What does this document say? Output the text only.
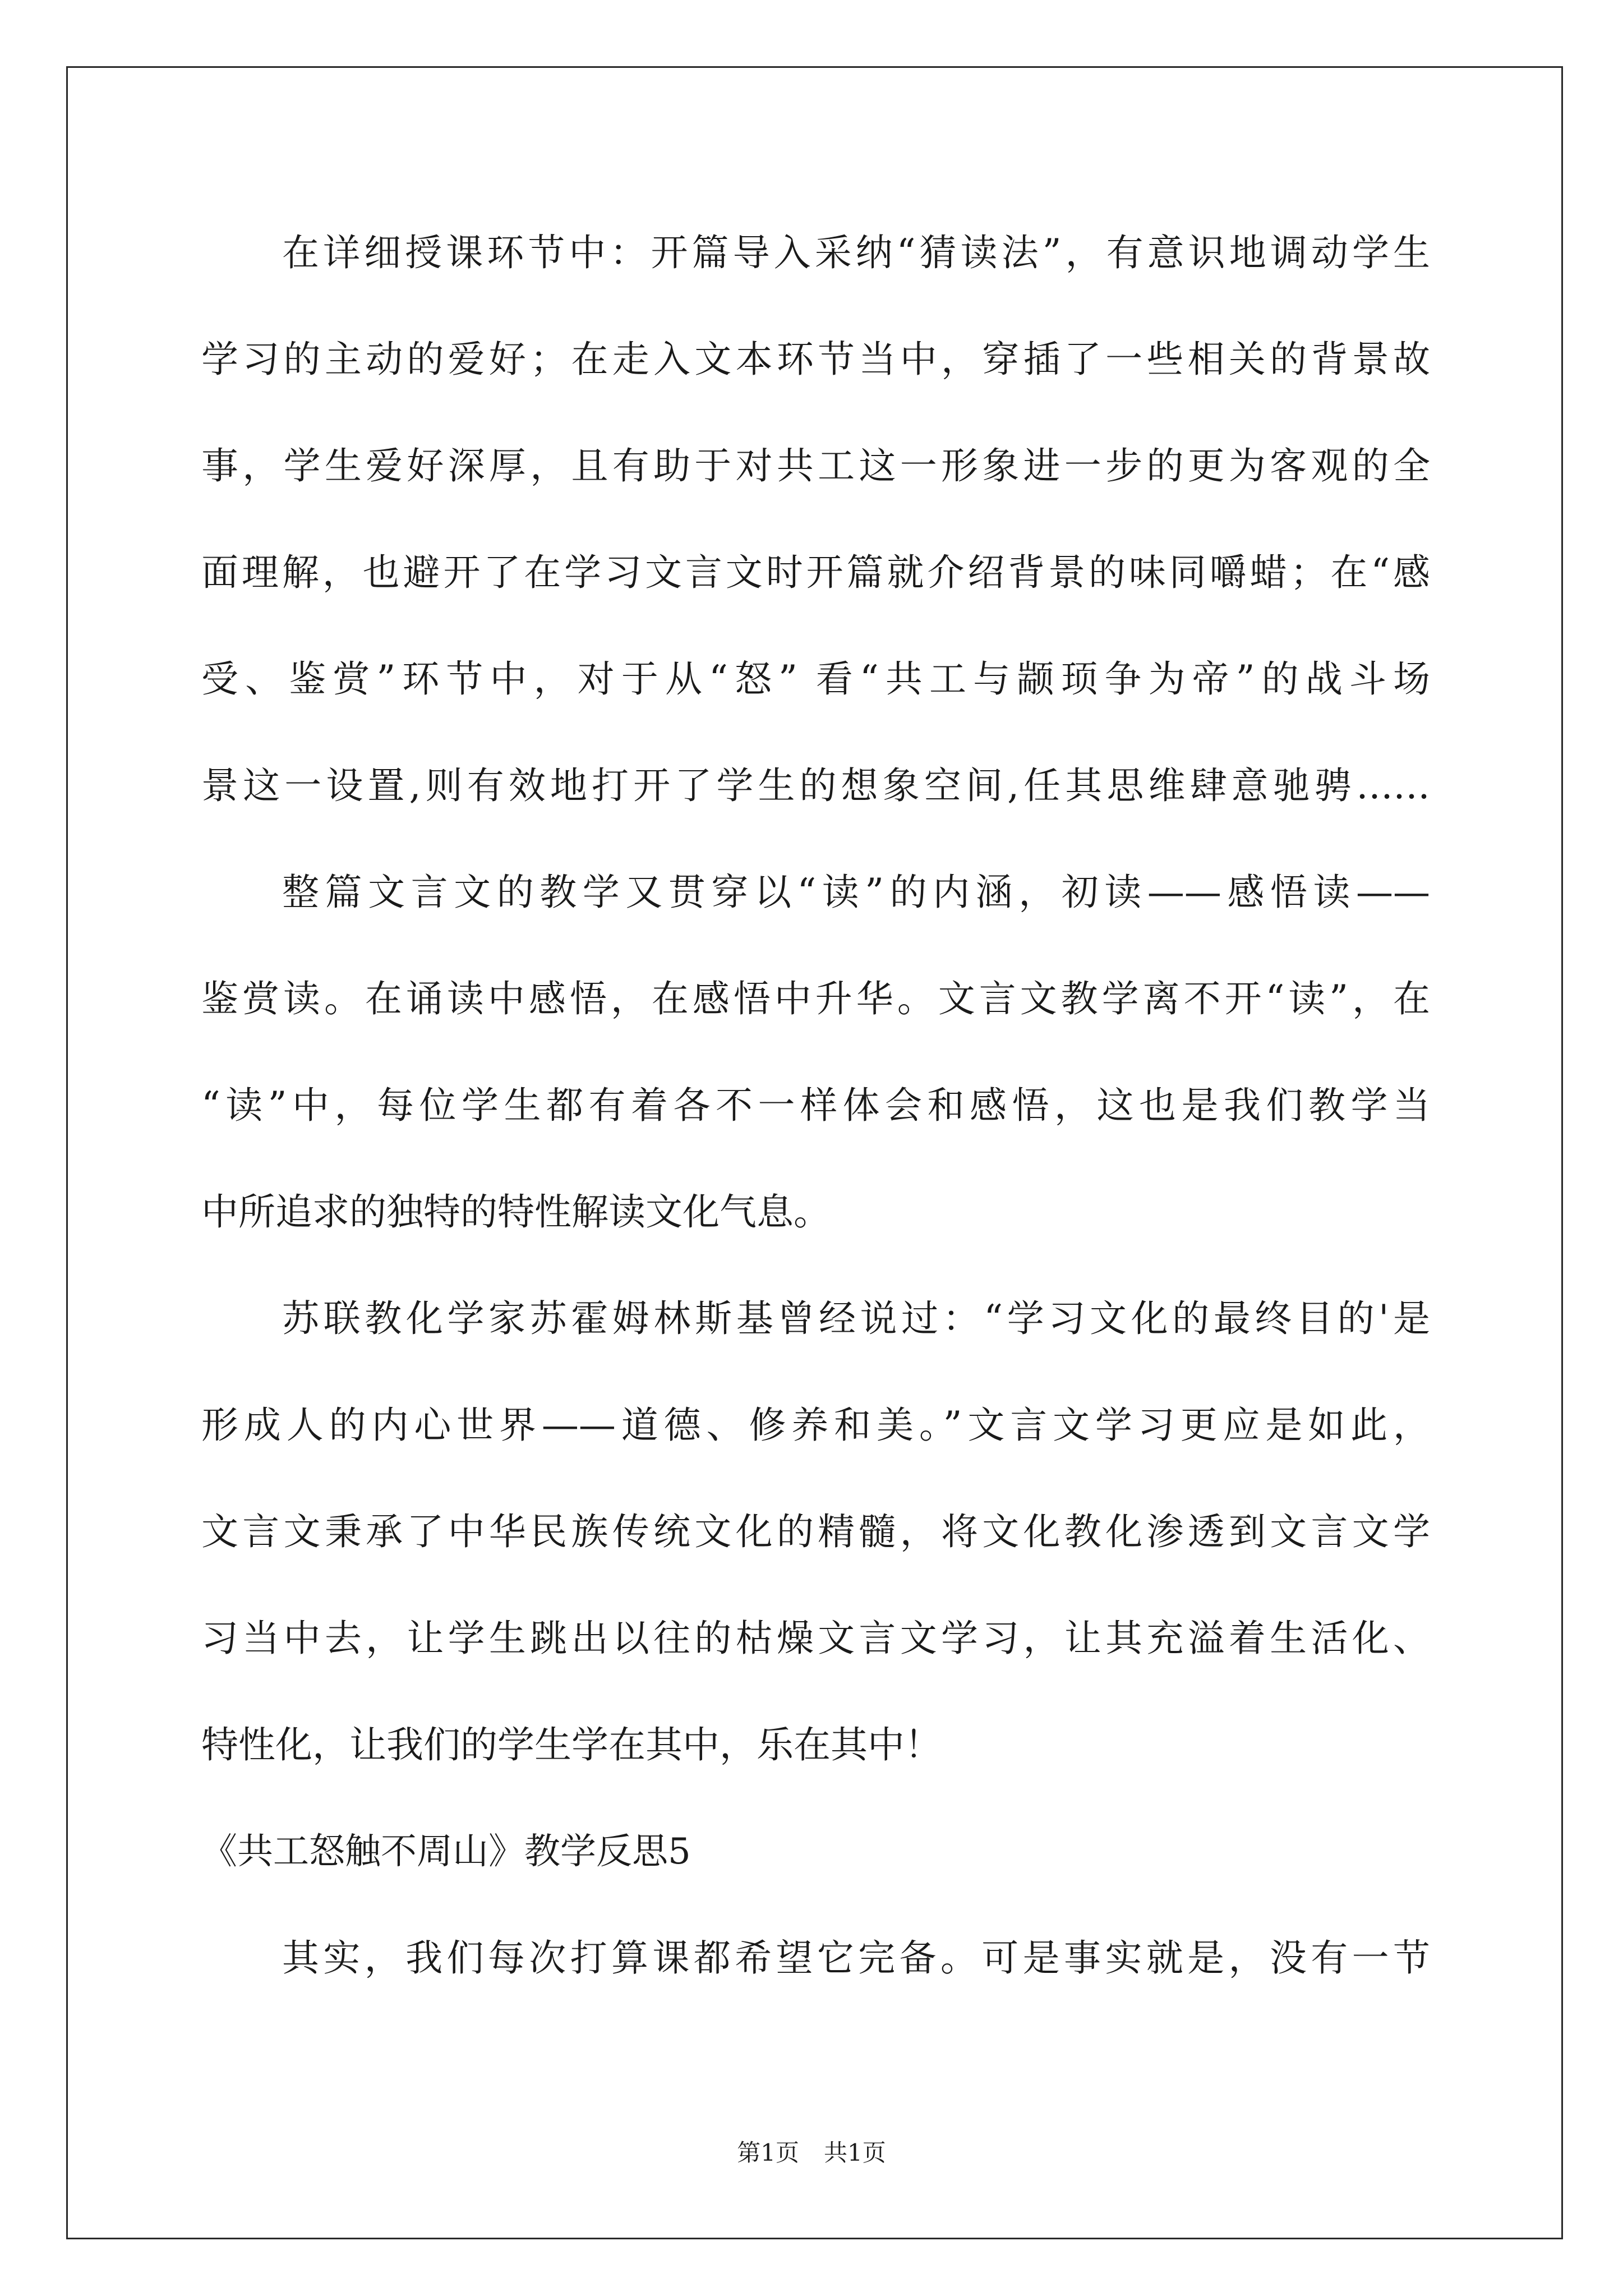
在详细授课环节中：开篇导入采纳“猜读法”，有意识地调动学生
学习的主动的爱好；在走入文本环节当中，穿插了一些相关的背景故
事，学生爱好深厚，且有助于对共工这一形象进一步的更为客观的全
面理解，也避开了在学习文言文时开篇就介绍背景的味同嚼蜡；在“感
受、鉴赏”环节中，对于从“怒” 看“共工与颛顼争为帝”的战斗场
景这一设置,则有效地打开了学生的想象空间,任其思维肆意驰骋……
整篇文言文的教学又贯穿以“读”的内涵，初读——感悟读——
鉴赏读。在诵读中感悟，在感悟中升华。文言文教学离不开“读”，在
“读”中，每位学生都有着各不一样体会和感悟，这也是我们教学当
中所追求的独特的特性解读文化气息。
苏联教化学家苏霍姆林斯基曾经说过：“学习文化的最终目的'是
形成人的内心世界——道德、修养和美。”文言文学习更应是如此，
文言文秉承了中华民族传统文化的精髓，将文化教化渗透到文言文学
习当中去，让学生跳出以往的枯燥文言文学习，让其充溢着生活化、
特性化，让我们的学生学在其中，乐在其中！
《共工怒触不周山》教学反思5
其实，我们每次打算课都希望它完备。可是事实就是，没有一节
第1页 共1页
